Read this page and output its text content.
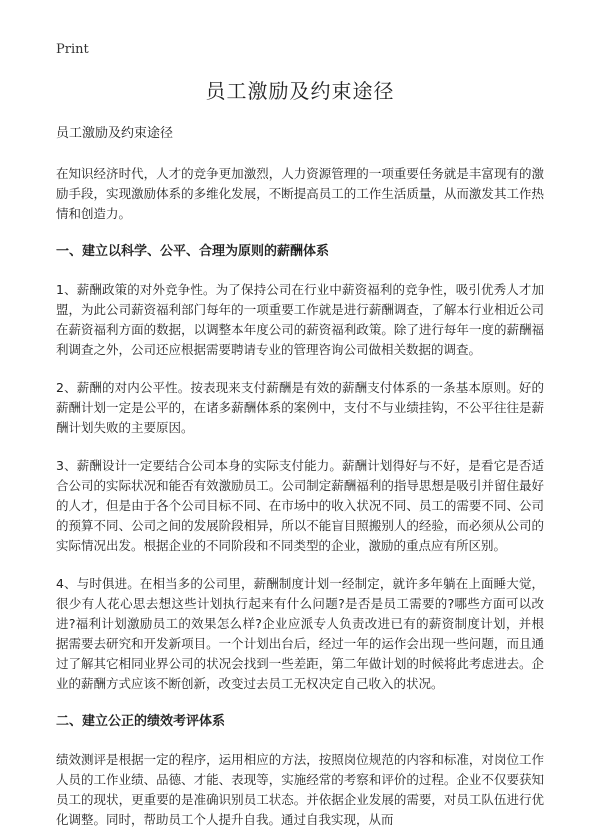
Print
员工激励及约束途径

员工激励及约束途径

在知识经济时代，人才的竞争更加激烈，人力资源管理的一项重要任务就是丰富现有的激励手段，实现激励体系的多维化发展，不断提高员工的工作生活质量，从而激发其工作热情和创造力。

一、建立以科学、公平、合理为原则的薪酬体系

1、薪酬政策的对外竞争性。为了保持公司在行业中薪资福利的竞争性，吸引优秀人才加盟，为此公司薪资福利部门每年的一项重要工作就是进行薪酬调查，了解本行业相近公司在薪资福利方面的数据，以调整本年度公司的薪资福利政策。除了进行每年一度的薪酬福利调查之外，公司还应根据需要聘请专业的管理咨询公司做相关数据的调查。

2、薪酬的对内公平性。按表现来支付薪酬是有效的薪酬支付体系的一条基本原则。好的薪酬计划一定是公平的，在诸多薪酬体系的案例中，支付不与业绩挂钩，不公平往往是薪酬计划失败的主要原因。

3、薪酬设计一定要结合公司本身的实际支付能力。薪酬计划得好与不好，是看它是否适合公司的实际状况和能否有效激励员工。公司制定薪酬福利的指导思想是吸引并留住最好的人才，但是由于各个公司目标不同、在市场中的收入状况不同、员工的需要不同、公司的预算不同、公司之间的发展阶段相异，所以不能盲目照搬别人的经验，而必须从公司的实际情况出发。根据企业的不同阶段和不同类型的企业，激励的重点应有所区别。

4、与时俱进。在相当多的公司里，薪酬制度计划一经制定，就许多年躺在上面睡大觉，很少有人花心思去想这些计划执行起来有什么问题?是否是员工需要的?哪些方面可以改进?福利计划激励员工的效果怎么样?企业应派专人负责改进已有的薪资制度计划，并根据需要去研究和开发新项目。一个计划出台后，经过一年的运作会出现一些问题，而且通过了解其它相同业界公司的状况会找到一些差距，第二年做计划的时候将此考虑进去。企业的薪酬方式应该不断创新，改变过去员工无权决定自己收入的状况。

二、建立公正的绩效考评体系

绩效测评是根据一定的程序，运用相应的方法，按照岗位规范的内容和标准，对岗位工作人员的工作业绩、品德、才能、表现等，实施经常的考察和评价的过程。企业不仅要获知员工的现状，更重要的是准确识别员工状态。并依据企业发展的需要，对员工队伍进行优化调整。同时，帮助员工个人提升自我。通过自我实现，从而
